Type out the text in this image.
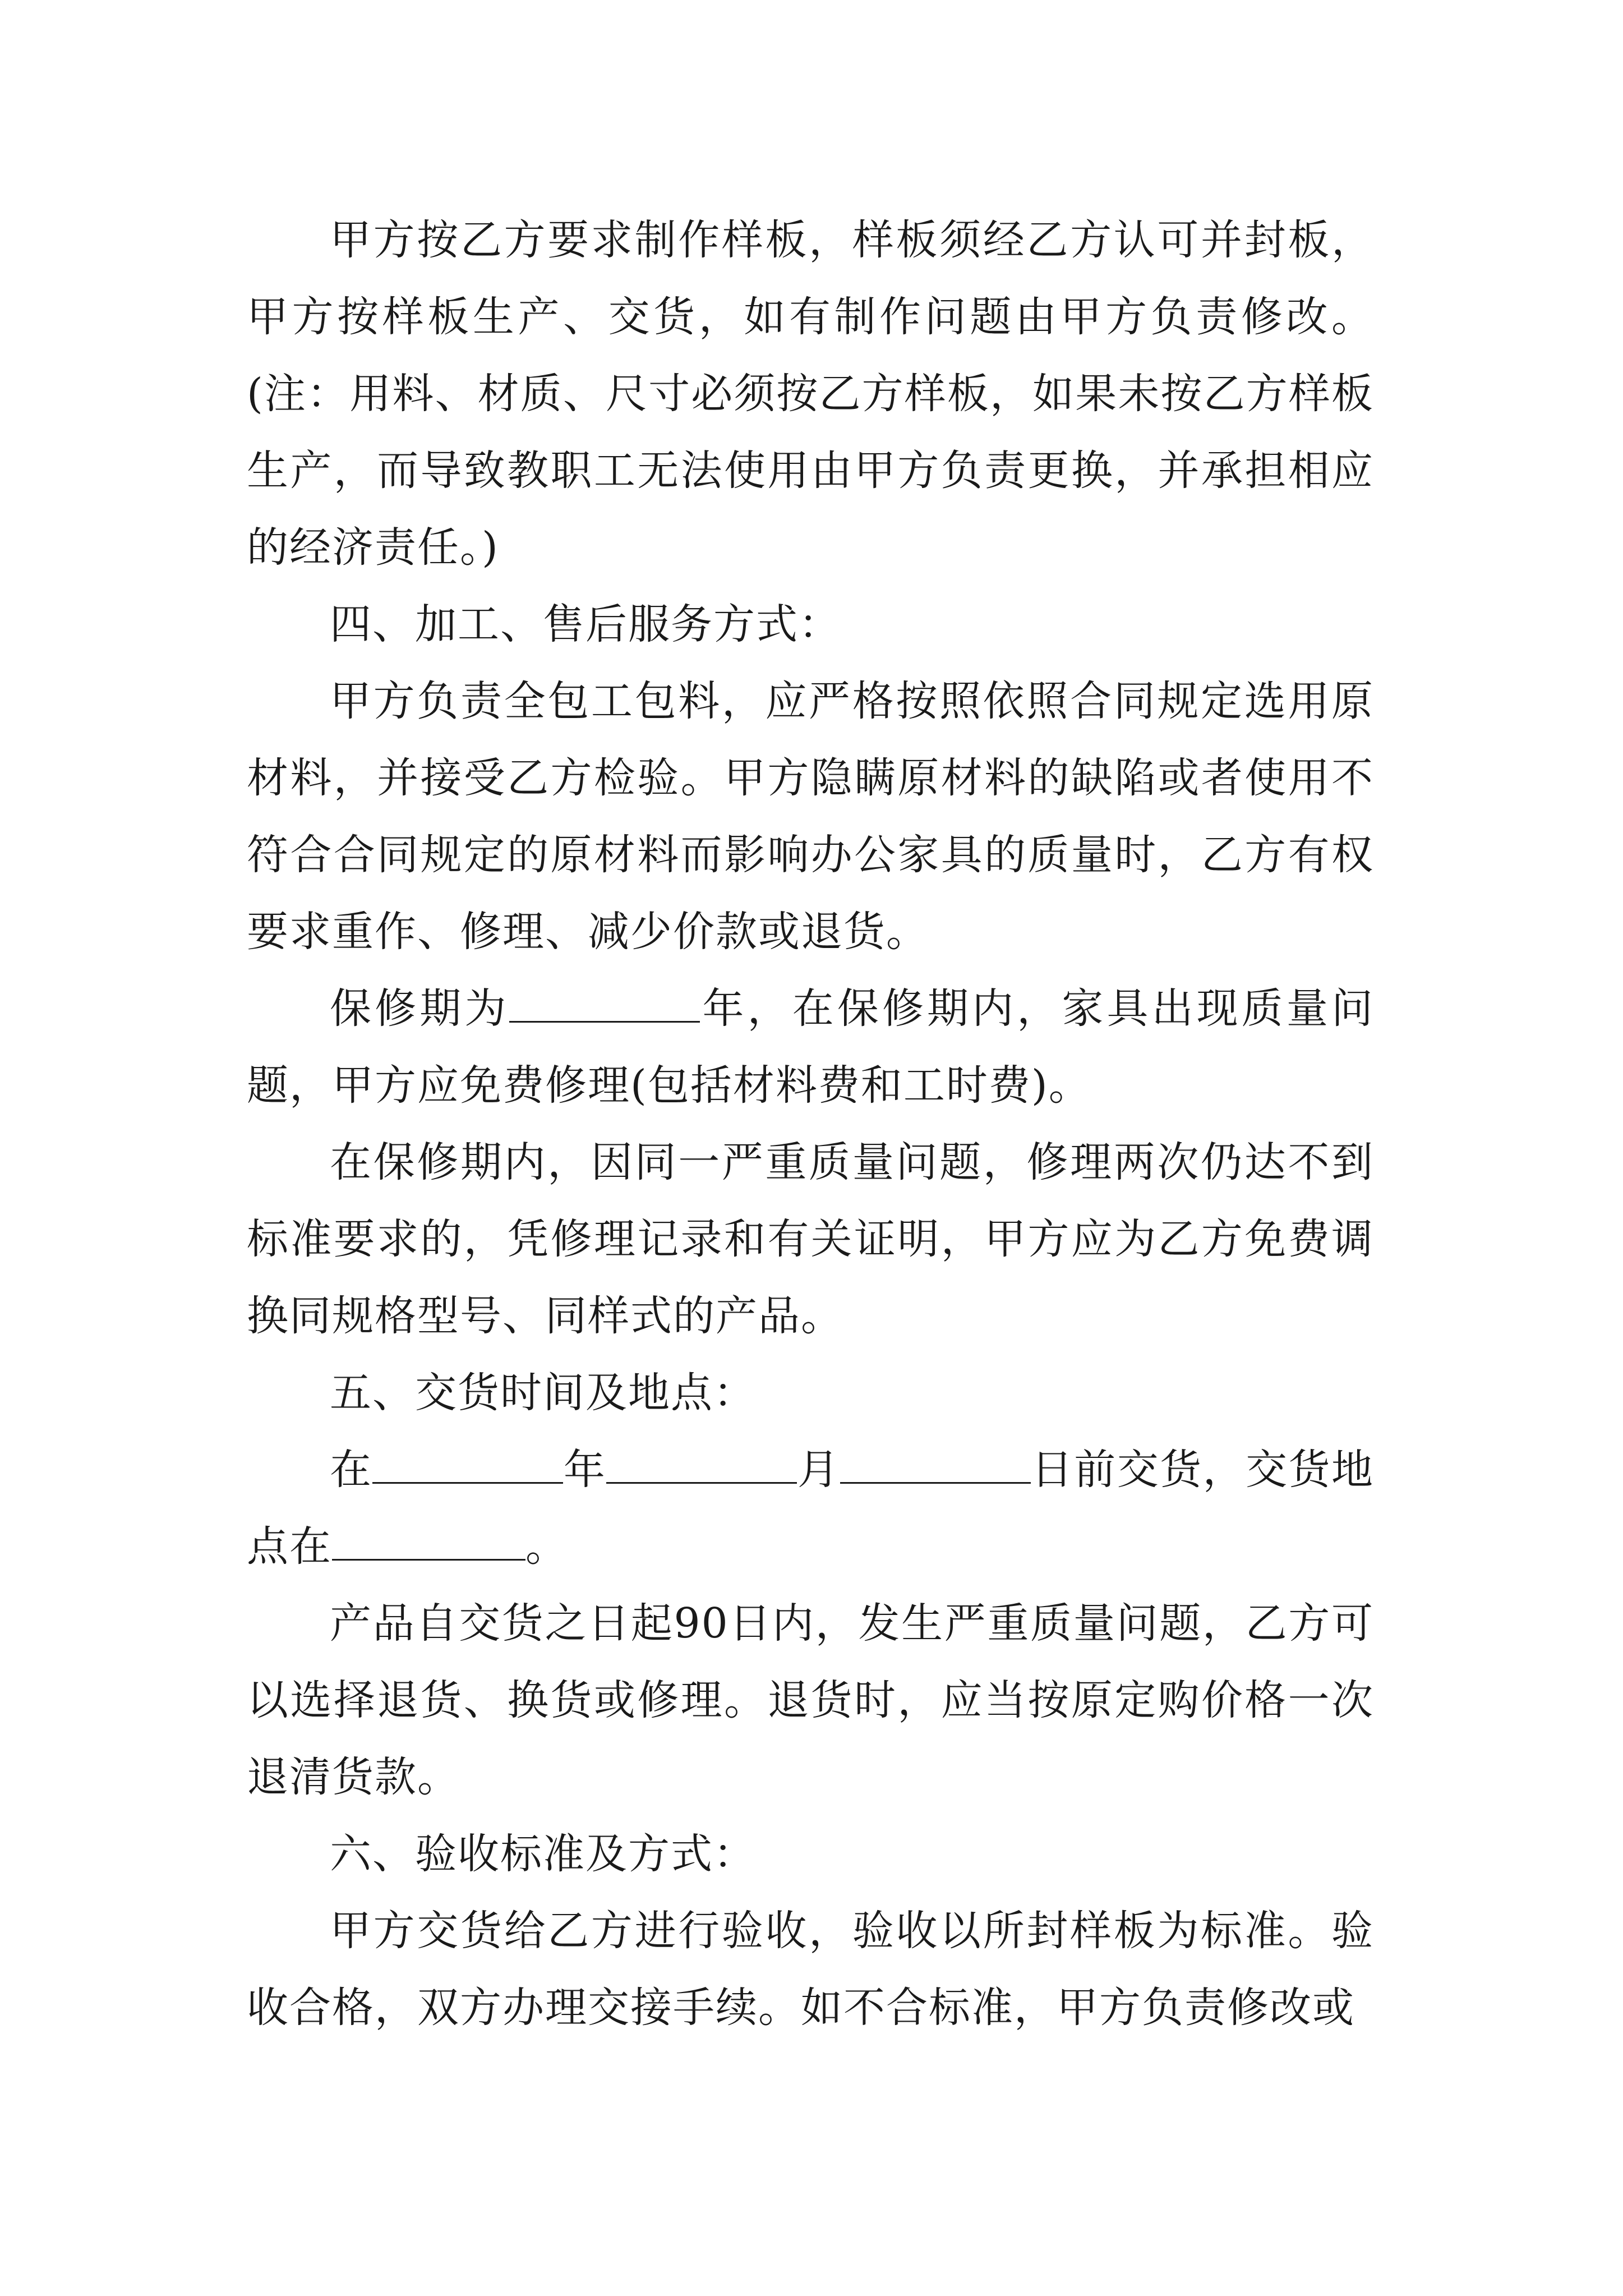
甲方按乙方要求制作样板，样板须经乙方认可并封板，甲方按样板生产、交货，如有制作问题由甲方负责修改。(注：用料、材质、尺寸必须按乙方样板，如果未按乙方样板生产，而导致教职工无法使用由甲方负责更换，并承担相应的经济责任。)

四、加工、售后服务方式：

甲方负责全包工包料，应严格按照依照合同规定选用原材料，并接受乙方检验。甲方隐瞒原材料的缺陷或者使用不符合合同规定的原材料而影响办公家具的质量时，乙方有权要求重作、修理、减少价款或退货。

保修期为	年，在保修期内，家具出现质量问题，甲方应免费修理(包括材料费和工时费)。

在保修期内，因同一严重质量问题，修理两次仍达不到标准要求的，凭修理记录和有关证明，甲方应为乙方免费调换同规格型号、同样式的产品。

五、交货时间及地点：

在	年	月	日前交货，交货地点在	。

产品自交货之日起90日内，发生严重质量问题，乙方可以选择退货、换货或修理。退货时，应当按原定购价格一次退清货款。

六、验收标准及方式：

甲方交货给乙方进行验收，验收以所封样板为标准。验收合格，双方办理交接手续。如不合标准，甲方负责修改或
